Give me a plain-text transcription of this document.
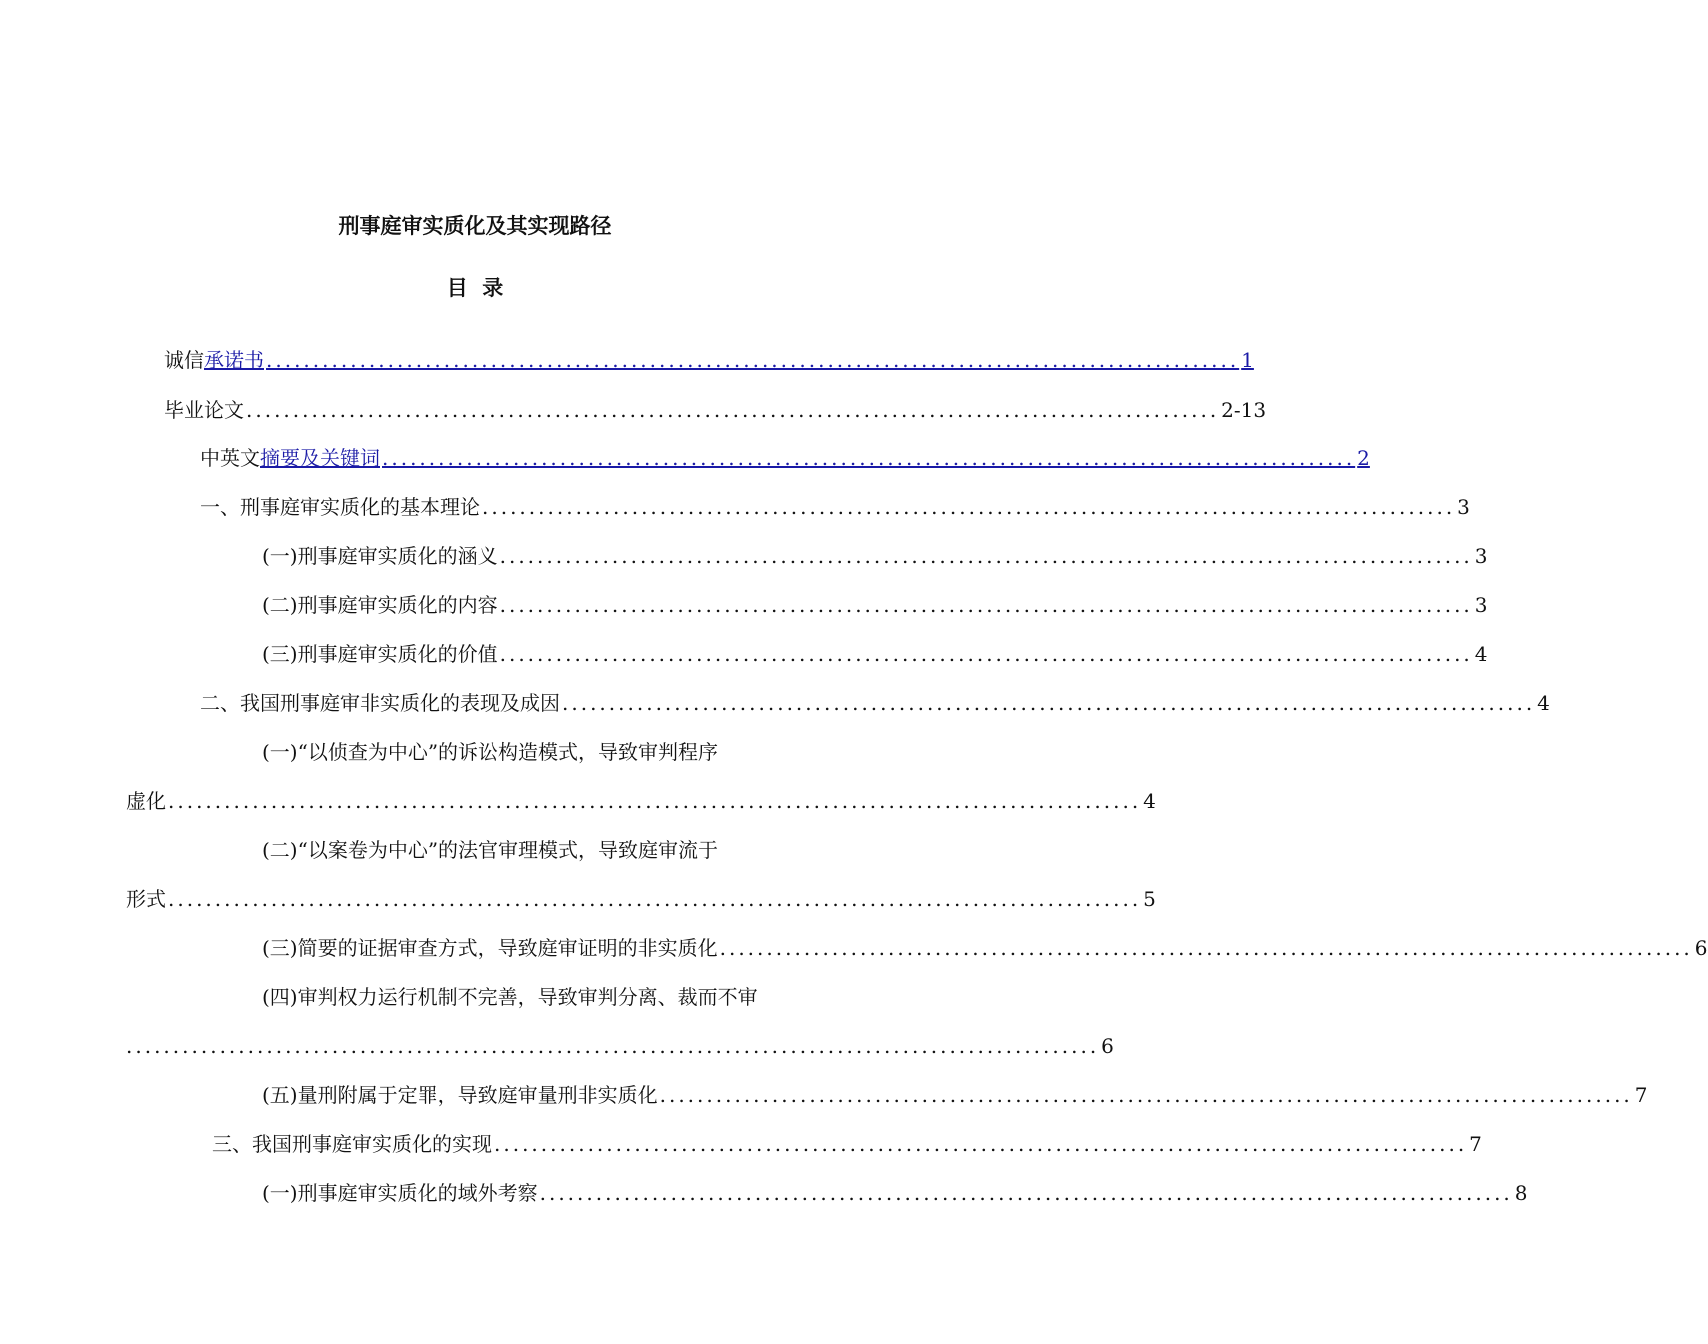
刑事庭审实质化及其实现路径
目  录
诚信承诺书 ........................................................................................................ 1
毕业论文 ........................................................................................................ 2-13
中英文摘要及关键词 ........................................................................................................ 2
一、刑事庭审实质化的基本理论 ........................................................................................................ 3
(一)刑事庭审实质化的涵义 ........................................................................................................ 3
(二)刑事庭审实质化的内容 ........................................................................................................ 3
(三)刑事庭审实质化的价值 ........................................................................................................ 4
二、我国刑事庭审非实质化的表现及成因 ........................................................................................................ 4
(一)“以侦查为中心”的诉讼构造模式，导致审判程序
虚化 ........................................................................................................ 4
(二)“以案卷为中心”的法官审理模式，导致庭审流于
形式 ........................................................................................................ 5
(三)简要的证据审查方式，导致庭审证明的非实质化 ........................................................................................................ 6
(四)审判权力运行机制不完善，导致审判分离、裁而不审
........................................................................................................ 6
(五)量刑附属于定罪，导致庭审量刑非实质化 ........................................................................................................ 7
三、我国刑事庭审实质化的实现 ........................................................................................................ 7
(一)刑事庭审实质化的域外考察 ........................................................................................................ 8
